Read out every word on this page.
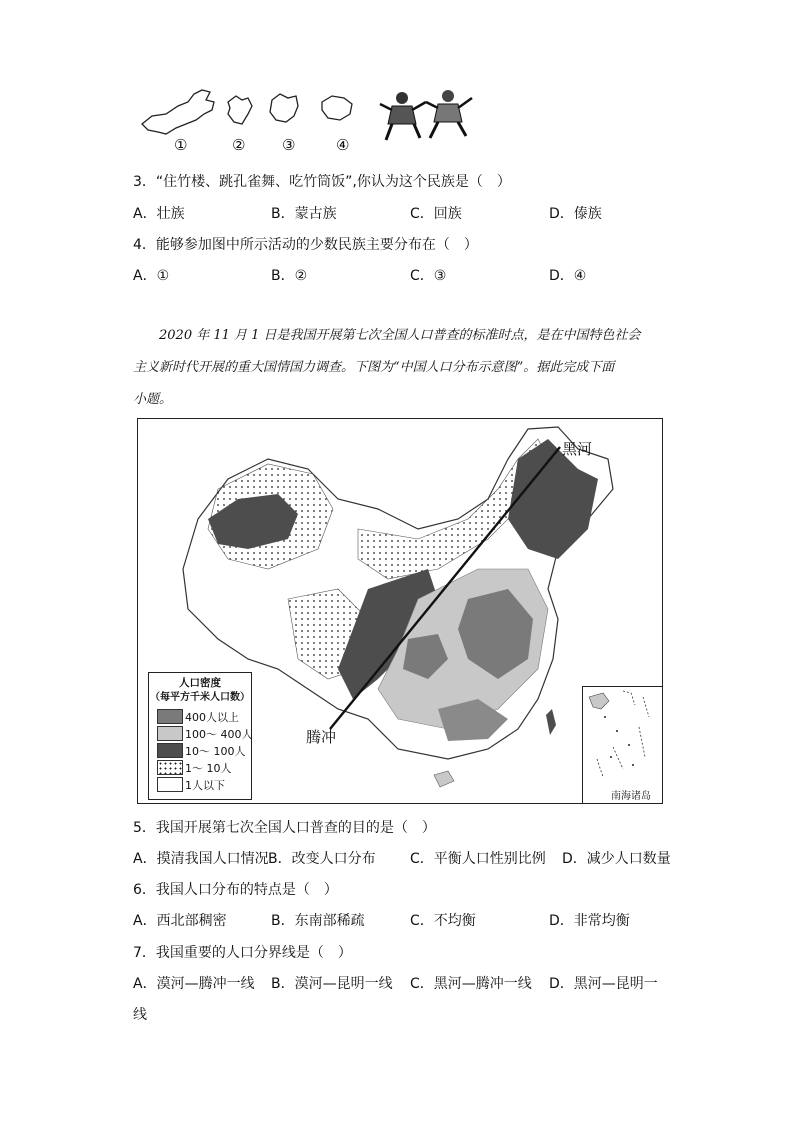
①	② ③	④
3．“住竹楼、跳孔雀舞、吃竹筒饭”,你认为这个民族是（　）
A．壮族	B．蒙古族	C．回族	D．傣族
4．能够参加图中所示活动的少数民族主要分布在（　）
A．①	B．②	C．③	D．④
2020 年 11 月 1 日是我国开展第七次全国人口普查的标准时点，是在中国特色社会
主义新时代开展的重大国情国力调查。下图为“中国人口分布示意图”。据此完成下面
小题。
黑河
腾冲
人口密度
（每平方千米人口数）
400人以上
100～ 400人
10～ 100人
1～ 10人
1人以下
南海诸岛
5．我国开展第七次全国人口普查的目的是（　）
A．摸清我国人口情况 B．改变人口分布 C．平衡人口性别比例 D．减少人口数量
6．我国人口分布的特点是（　）
A．西北部稠密	B．东南部稀疏	C．不均衡	D．非常均衡
7．我国重要的人口分界线是（　）
A．漠河—腾冲一线 B．漠河—昆明一线 C．黑河—腾冲一线 D．黑河—昆明一
线
